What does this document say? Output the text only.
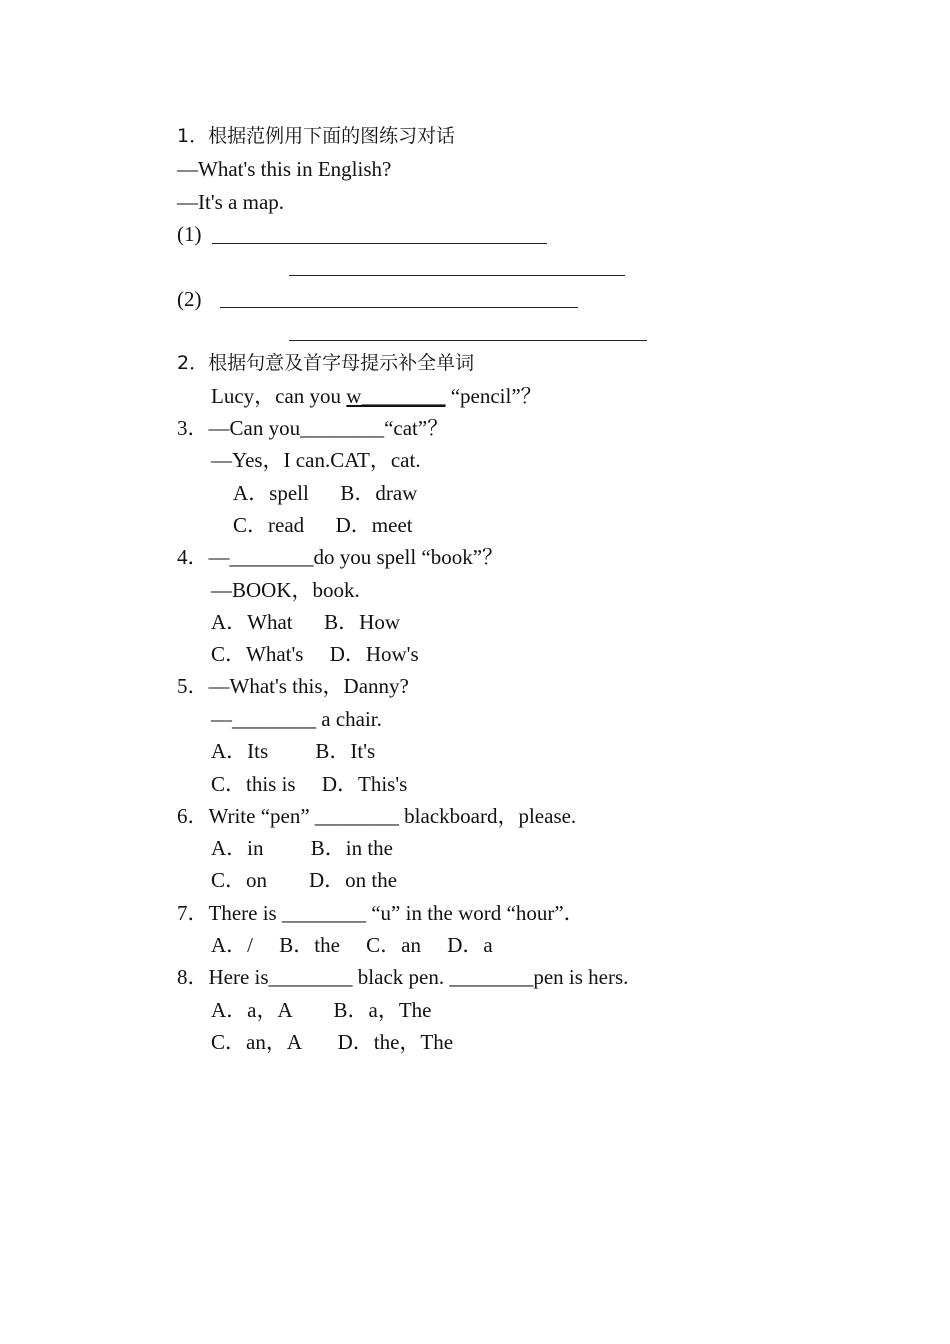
1．根据范例用下面的图练习对话
—What's this in English?
—It's a map.
(1)
(2)
2．根据句意及首字母提示补全单词
Lucy，can you w________ “pencil”？
3．—Can you________“cat”？
—Yes，I can.CAT，cat.
A．spell      B．draw
C．read      D．meet
4．—________do you spell “book”？
—BOOK，book.
A．What      B．How
C．What's     D．How's
5．—What's this，Danny?
—________ a chair.
A．Its         B．It's
C．this is     D．This's
6．Write “pen” ________ blackboard，please.
A．in         B．in the
C．on        D．on the
7．There is ________ “u” in the word “hour”．
A．/     B．the     C．an     D．a
8．Here is________ black pen. ________pen is hers.
A．a，A        B．a，The
C．an，A       D．the，The
